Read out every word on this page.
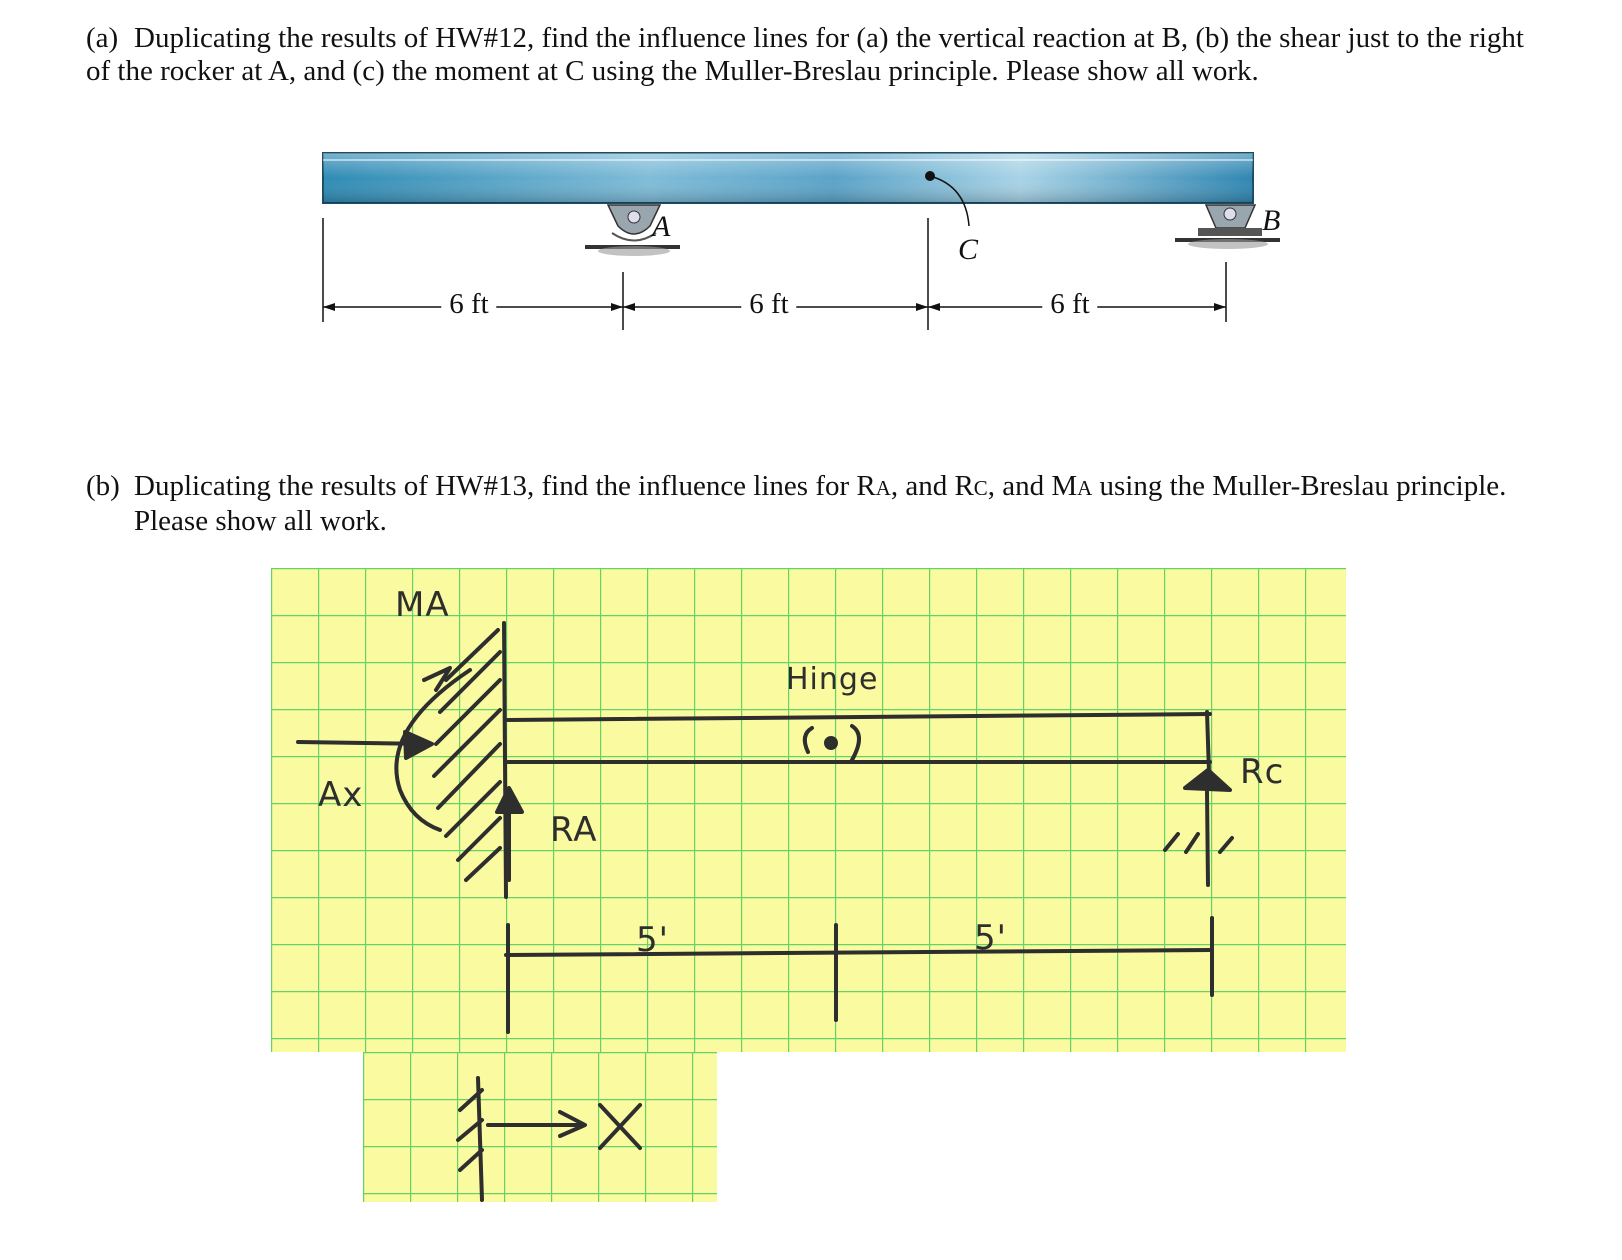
(a) Duplicating the results of HW#12, find the influence lines for (a) the vertical reaction at B, (b) the shear just to the right
of the rocker at A, and (c) the moment at C using the Muller-Breslau principle. Please show all work.

A	B
C
6 ft	6 ft	6 ft

(b) Duplicating the results of HW#13, find the influence lines for RA, and RC, and MA using the Muller-Breslau principle.
Please show all work.

MA
Ax
RA
Rc
Hinge
5'	5'
